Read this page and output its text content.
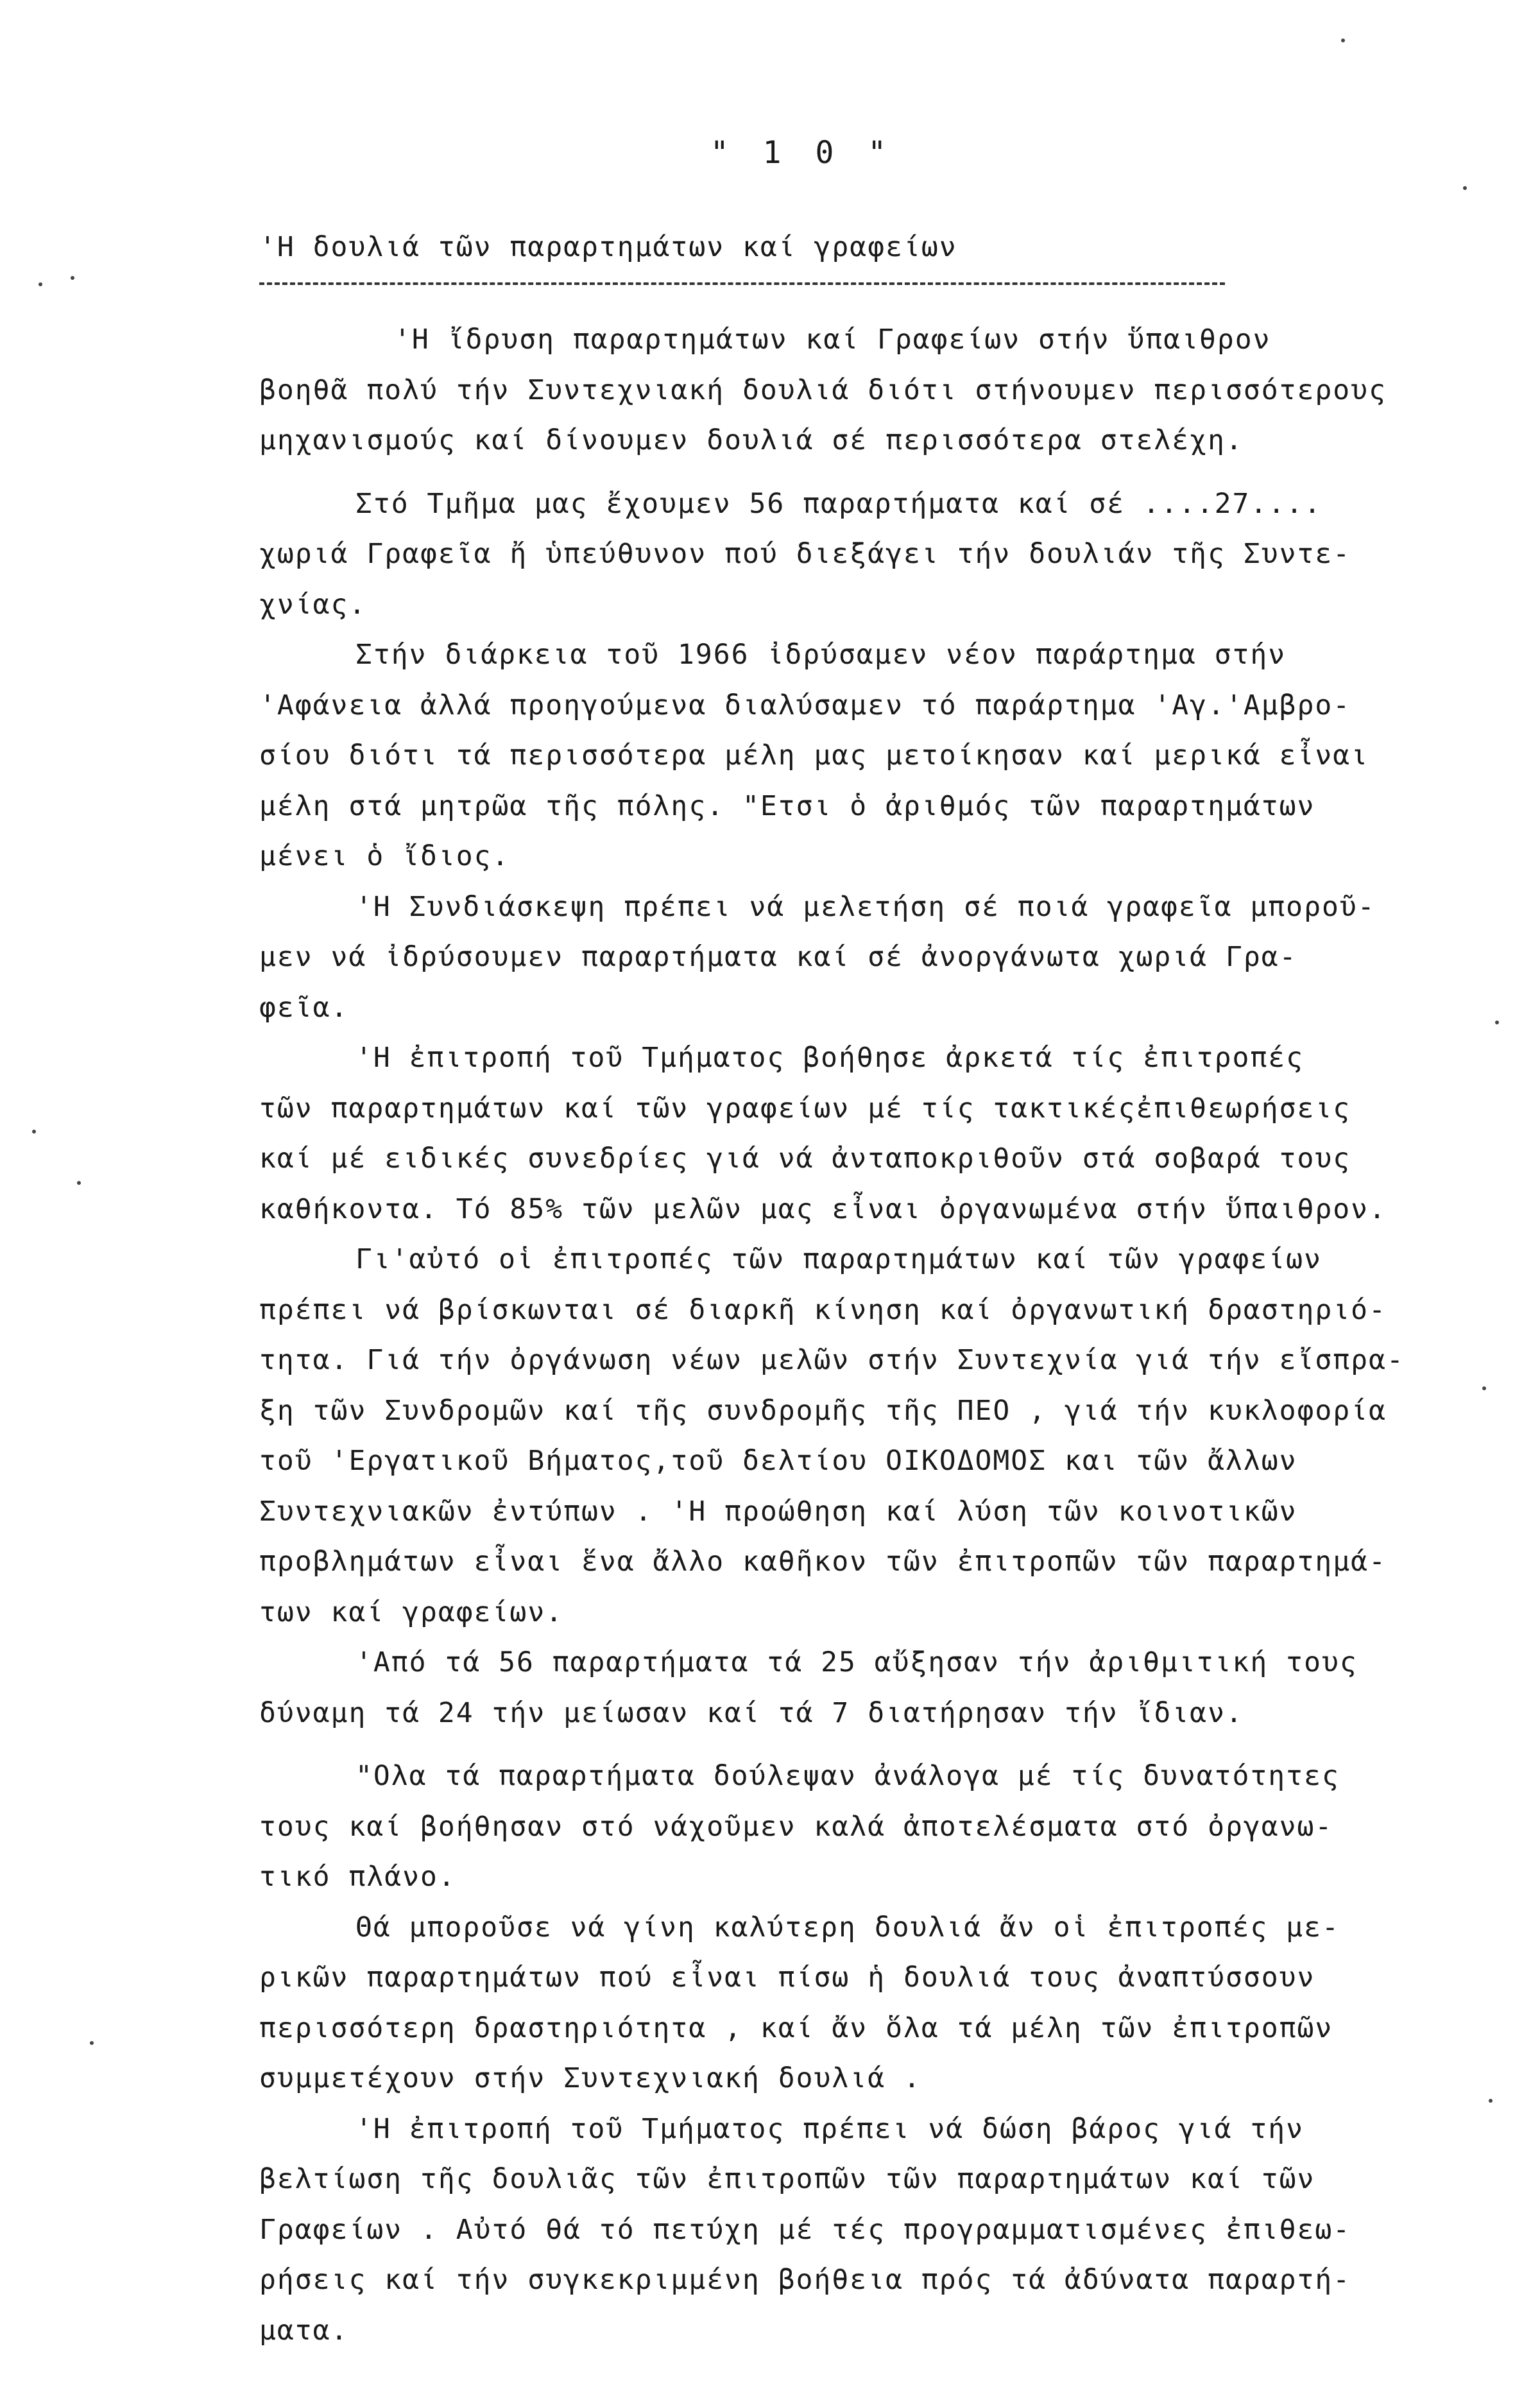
" 1 0 "
'Η δουλιά τῶν παραρτημάτων καί γραφείων
'Η ἴδρυση παραρτημάτων καί Γραφείων στήν ὕπαιθρον
βοηθᾶ πολύ τήν Συντεχνιακή δουλιά διότι στήνουμεν περισσότερους
μηχανισμούς καί δίνουμεν δουλιά σέ περισσότερα στελέχη.
Στό Τμῆμα μας ἔχουμεν 56 παραρτήματα καί σέ ....27....
χωριά Γραφεῖα ἤ ὑπεύθυνον πού διεξάγει τήν δουλιάν τῆς Συντε-
χνίας.
Στήν διάρκεια τοῦ 1966 ἰδρύσαμεν νέον παράρτημα στήν
'Αφάνεια ἀλλά προηγούμενα διαλύσαμεν τό παράρτημα 'Αγ.'Αμβρο-
σίου διότι τά περισσότερα μέλη μας μετοίκησαν καί μερικά εἶναι
μέλη στά μητρῶα τῆς πόλης. "Ετσι ὁ ἀριθμός τῶν παραρτημάτων
μένει ὁ ἴδιος.
'Η Συνδιάσκεψη πρέπει νά μελετήση σέ ποιά γραφεῖα μποροῦ-
μεν νά ἰδρύσουμεν παραρτήματα καί σέ ἀνοργάνωτα χωριά Γρα-
φεῖα.
'Η ἐπιτροπή τοῦ Τμήματος βοήθησε ἀρκετά τίς ἐπιτροπές
τῶν παραρτημάτων καί τῶν γραφείων μέ τίς τακτικέςἐπιθεωρήσεις
καί μέ ειδικές συνεδρίες γιά νά ἀνταποκριθοῦν στά σοβαρά τους
καθήκοντα. Τό 85% τῶν μελῶν μας εἶναι ὀργανωμένα στήν ὕπαιθρον.
Γι'αὐτό οἱ ἐπιτροπές τῶν παραρτημάτων καί τῶν γραφείων
πρέπει νά βρίσκωνται σέ διαρκῆ κίνηση καί ὀργανωτική δραστηριό-
τητα. Γιά τήν ὀργάνωση νέων μελῶν στήν Συντεχνία γιά τήν εἴσπρα-
ξη τῶν Συνδρομῶν καί τῆς συνδρομῆς τῆς ΠΕΟ , γιά τήν κυκλοφορία
τοῦ 'Εργατικοῦ Βήματος,τοῦ δελτίου ΟΙΚΟΔΟΜΟΣ και τῶν ἄλλων
Συντεχνιακῶν ἐντύπων . 'Η προώθηση καί λύση τῶν κοινοτικῶν
προβλημάτων εἶναι ἕνα ἄλλο καθῆκον τῶν ἐπιτροπῶν τῶν παραρτημά-
των καί γραφείων.
'Από τά 56 παραρτήματα τά 25 αὔξησαν τήν ἀριθμιτική τους
δύναμη τά 24 τήν μείωσαν καί τά 7 διατήρησαν τήν ἴδιαν.
"Ολα τά παραρτήματα δούλεψαν ἀνάλογα μέ τίς δυνατότητες
τους καί βοήθησαν στό νάχοῦμεν καλά ἀποτελέσματα στό ὀργανω-
τικό πλάνο.
Θά μποροῦσε νά γίνη καλύτερη δουλιά ἄν οἱ ἐπιτροπές με-
ρικῶν παραρτημάτων πού εἶναι πίσω ἡ δουλιά τους ἀναπτύσσουν
περισσότερη δραστηριότητα , καί ἄν ὅλα τά μέλη τῶν ἐπιτροπῶν
συμμετέχουν στήν Συντεχνιακή δουλιά .
'Η ἐπιτροπή τοῦ Τμήματος πρέπει νά δώση βάρος γιά τήν
βελτίωση τῆς δουλιᾶς τῶν ἐπιτροπῶν τῶν παραρτημάτων καί τῶν
Γραφείων . Αὐτό θά τό πετύχη μέ τές προγραμματισμένες ἐπιθεω-
ρήσεις καί τήν συγκεκριμμένη βοήθεια πρός τά ἀδύνατα παραρτή-
ματα.
